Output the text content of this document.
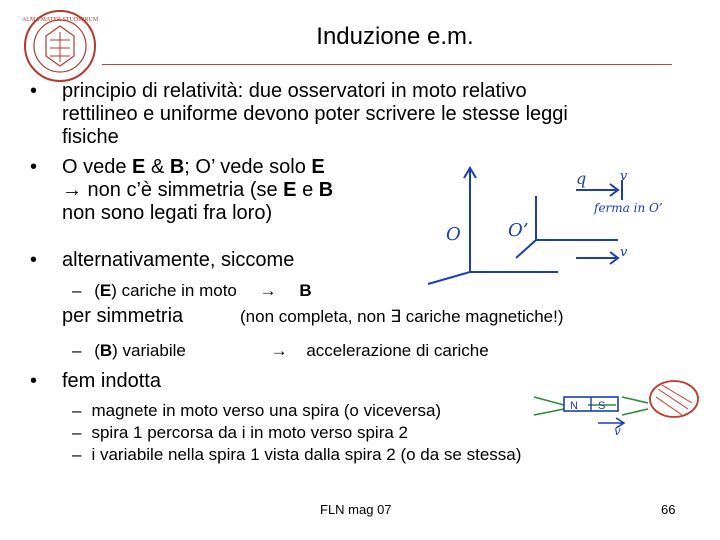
ALMA MATER STUDIORUM
Induzione e.m.
• principio di relatività: due osservatori in moto relativo
rettilineo e uniforme devono poter scrivere le stesse leggi
fisiche
• O vede E & B; O’ vede solo E
→ non c’è simmetria (se E e B
non sono legati fra loro)
• alternativamente, siccome
– (E) cariche in moto → B
per simmetria	(non completa, non ∃ cariche magnetiche!)
– (B) variabile	→ accelerazione di cariche
• fem indotta
– magnete in moto verso una spira (o viceversa)
– spira 1 percorsa da i in moto verso spira 2
– i variabile nella spira 1 vista dalla spira 2 (o da se stessa)
q	v
v
O	O’
ferma in O’
N S
v
FLN mag 07	66
